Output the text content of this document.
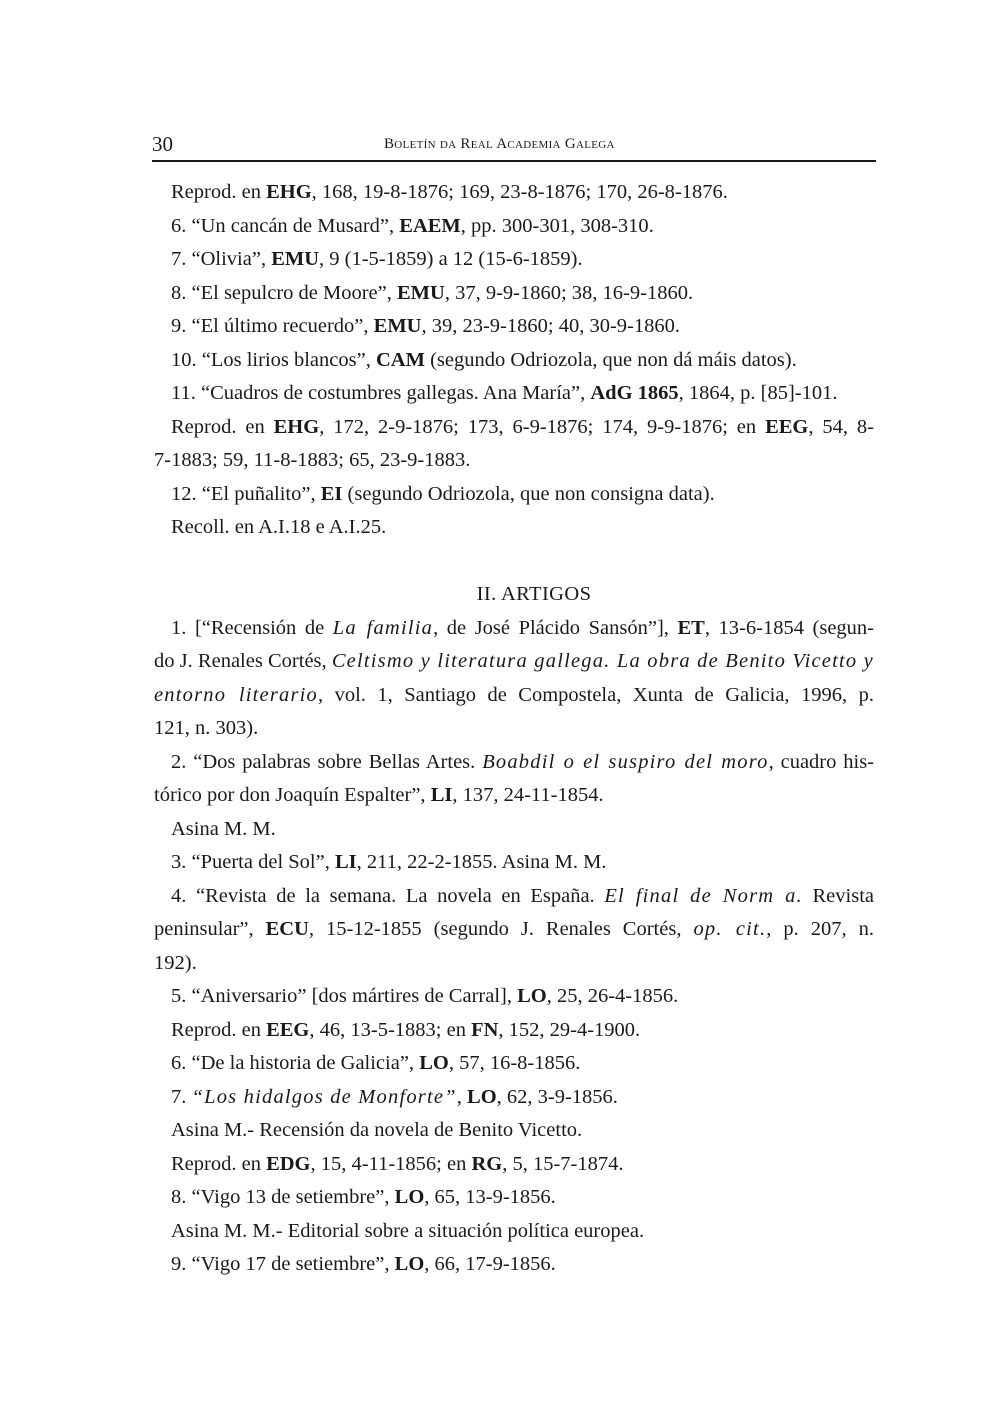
30	Boletín da Real Academia Galega
Reprod. en EHG, 168, 19-8-1876; 169, 23-8-1876; 170, 26-8-1876.
6. “Un cancán de Musard”, EAEM, pp. 300-301, 308-310.
7. “Olivia”, EMU, 9 (1-5-1859) a 12 (15-6-1859).
8. “El sepulcro de Moore”, EMU, 37, 9-9-1860; 38, 16-9-1860.
9. “El último recuerdo”, EMU, 39, 23-9-1860; 40, 30-9-1860.
10. “Los lirios blancos”, CAM (segundo Odriozola, que non dá máis datos).
11. “Cuadros de costumbres gallegas. Ana María”, AdG 1865, 1864, p. [85]-101.
Reprod. en EHG, 172, 2-9-1876; 173, 6-9-1876; 174, 9-9-1876; en EEG, 54, 8-
7-1883; 59, 11-8-1883; 65, 23-9-1883.
12. “El puñalito”, EI (segundo Odriozola, que non consigna data).
Recoll. en A.I.18 e A.I.25.
II. ARTIGOS
1. [“Recensión de La familia, de José Plácido Sansón”], ET, 13-6-1854 (segun-
do J. Renales Cortés, Celtismo y literatura gallega. La obra de Benito Vicetto y
entorno literario, vol. 1, Santiago de Compostela, Xunta de Galicia, 1996, p.
121, n. 303).
2. “Dos palabras sobre Bellas Artes. Boabdil o el suspiro del moro, cuadro his-
tórico por don Joaquín Espalter”, LI, 137, 24-11-1854.
Asina M. M.
3. “Puerta del Sol”, LI, 211, 22-2-1855. Asina M. M.
4. “Revista de la semana. La novela en España. El final de Norm a. Revista
peninsular”, ECU, 15-12-1855 (segundo J. Renales Cortés, op. cit., p. 207, n.
192).
5. “Aniversario” [dos mártires de Carral], LO, 25, 26-4-1856.
Reprod. en EEG, 46, 13-5-1883; en FN, 152, 29-4-1900.
6. “De la historia de Galicia”, LO, 57, 16-8-1856.
7. “Los hidalgos de Monforte”, LO, 62, 3-9-1856.
Asina M.- Recensión da novela de Benito Vicetto.
Reprod. en EDG, 15, 4-11-1856; en RG, 5, 15-7-1874.
8. “Vigo 13 de setiembre”, LO, 65, 13-9-1856.
Asina M. M.- Editorial sobre a situación política europea.
9. “Vigo 17 de setiembre”, LO, 66, 17-9-1856.
